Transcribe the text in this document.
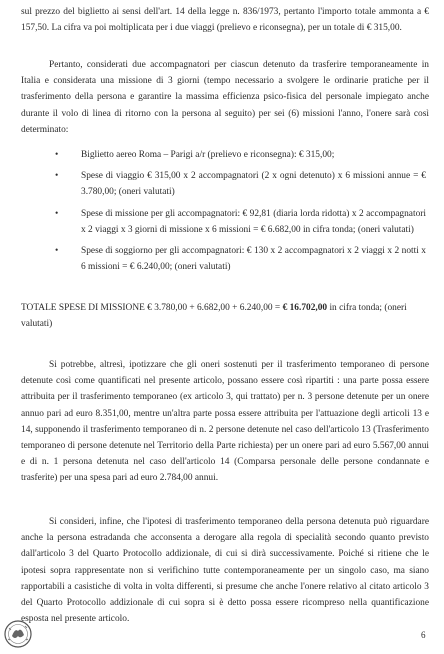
sul prezzo del biglietto ai sensi dell'art. 14 della legge n. 836/1973, pertanto l'importo totale ammonta a € 157,50. La cifra va poi moltiplicata per i due viaggi (prelievo e riconsegna), per un totale di € 315,00.

Pertanto, considerati due accompagnatori per ciascun detenuto da trasferire temporaneamente in Italia e considerata una missione di 3 giorni (tempo necessario a svolgere le ordinarie pratiche per il trasferimento della persona e garantire la massima efficienza psico-fisica del personale impiegato anche durante il volo di linea di ritorno con la persona al seguito) per sei (6) missioni l'anno, l'onere sarà così determinato:

• Biglietto aereo Roma – Parigi a/r (prelievo e riconsegna): € 315,00;
• Spese di viaggio € 315,00 x 2 accompagnatori (2 x ogni detenuto) x 6 missioni annue = € 3.780,00; (oneri valutati)
• Spese di missione per gli accompagnatori: € 92,81 (diaria lorda ridotta) x 2 accompagnatori x 2 viaggi x 3 giorni di missione x 6 missioni = € 6.682,00 in cifra tonda; (oneri valutati)
• Spese di soggiorno per gli accompagnatori: € 130 x 2 accompagnatori x 2 viaggi x 2 notti x 6 missioni = € 6.240,00; (oneri valutati)

TOTALE SPESE DI MISSIONE € 3.780,00 + 6.682,00 + 6.240,00 = € 16.702,00 in cifra tonda; (oneri valutati)

Si potrebbe, altresì, ipotizzare che gli oneri sostenuti per il trasferimento temporaneo di persone detenute così come quantificati nel presente articolo, possano essere così ripartiti : una parte possa essere attribuita per il trasferimento temporaneo (ex articolo 3, qui trattato) per n. 3 persone detenute per un onere annuo pari ad euro 8.351,00, mentre un'altra parte possa essere attribuita per l'attuazione degli articoli 13 e 14, supponendo il trasferimento temporaneo di n. 2 persone detenute nel caso dell'articolo 13 (Trasferimento temporaneo di persone detenute nel Territorio della Parte richiesta) per un onere pari ad euro 5.567,00 annui e di n. 1 persona detenuta nel caso dell'articolo 14 (Comparsa personale delle persone condannate e trasferite) per una spesa pari ad euro 2.784,00 annui.

Si consideri, infine, che l'ipotesi di trasferimento temporaneo della persona detenuta può riguardare anche la persona estradanda che acconsenta a derogare alla regola di specialità secondo quanto previsto dall'articolo 3 del Quarto Protocollo addizionale, di cui si dirà successivamente. Poiché si ritiene che le ipotesi sopra rappresentate non si verifichino tutte contemporaneamente per un singolo caso, ma siano rapportabili a casistiche di volta in volta differenti, si presume che anche l'onere relativo al citato articolo 3 del Quarto Protocollo addizionale di cui sopra si è detto possa essere ricompreso nella quantificazione esposta nel presente articolo.

6
